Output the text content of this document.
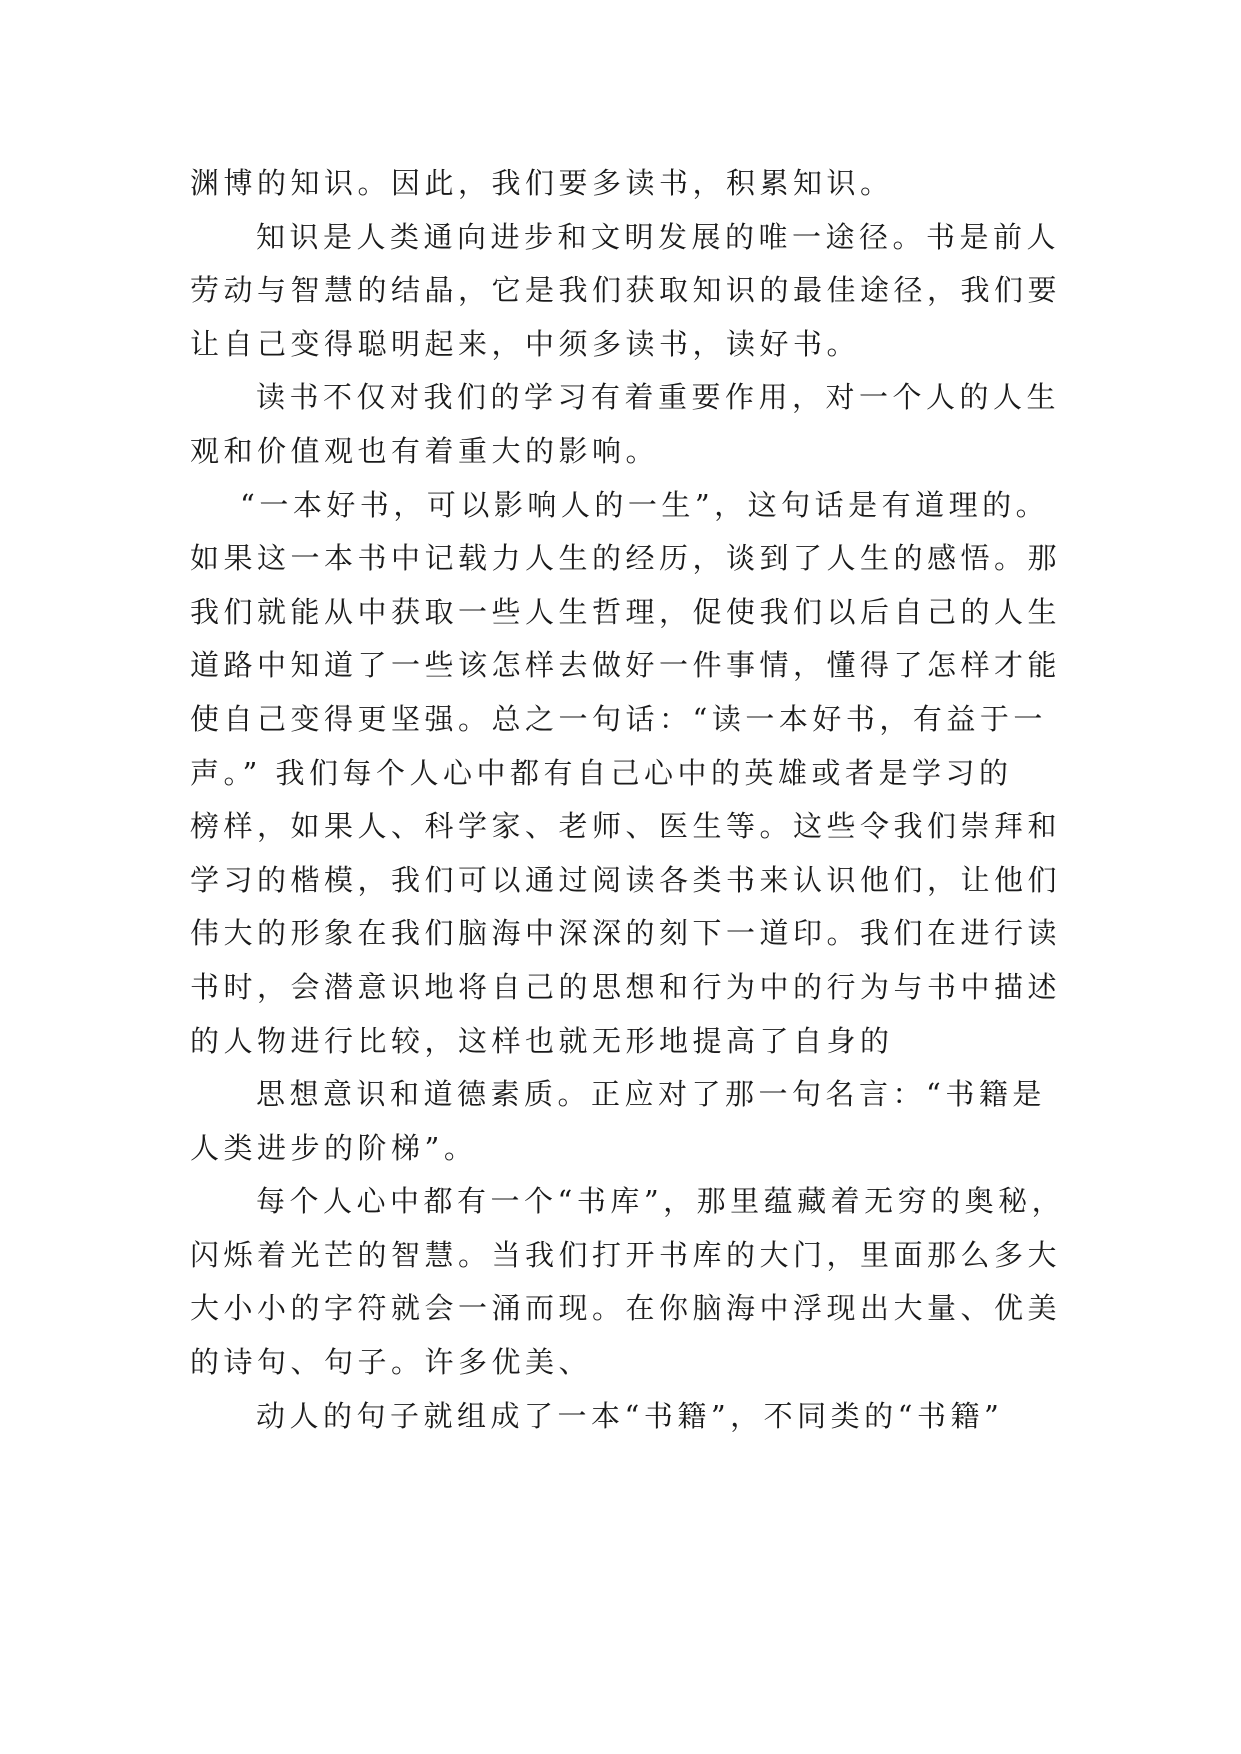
渊博的知识。因此，我们要多读书，积累知识。
知识是人类通向进步和文明发展的唯一途径。书是前人
劳动与智慧的结晶，它是我们获取知识的最佳途径，我们要
让自己变得聪明起来，中须多读书，读好书。
读书不仅对我们的学习有着重要作用，对一个人的人生
观和价值观也有着重大的影响。
“一本好书，可以影响人的一生”，这句话是有道理的。
如果这一本书中记载力人生的经历，谈到了人生的感悟。那
我们就能从中获取一些人生哲理，促使我们以后自己的人生
道路中知道了一些该怎样去做好一件事情，懂得了怎样才能
使自己变得更坚强。总之一句话：“读一本好书，有益于一
声。” 我们每个人心中都有自己心中的英雄或者是学习的
榜样，如果人、科学家、老师、医生等。这些令我们崇拜和
学习的楷模，我们可以通过阅读各类书来认识他们，让他们
伟大的形象在我们脑海中深深的刻下一道印。我们在进行读
书时，会潜意识地将自己的思想和行为中的行为与书中描述
的人物进行比较，这样也就无形地提高了自身的
思想意识和道德素质。正应对了那一句名言：“书籍是
人类进步的阶梯”。
每个人心中都有一个“书库”，那里蕴藏着无穷的奥秘，
闪烁着光芒的智慧。当我们打开书库的大门，里面那么多大
大小小的字符就会一涌而现。在你脑海中浮现出大量、优美
的诗句、句子。许多优美、
动人的句子就组成了一本“书籍”，不同类的“书籍”
